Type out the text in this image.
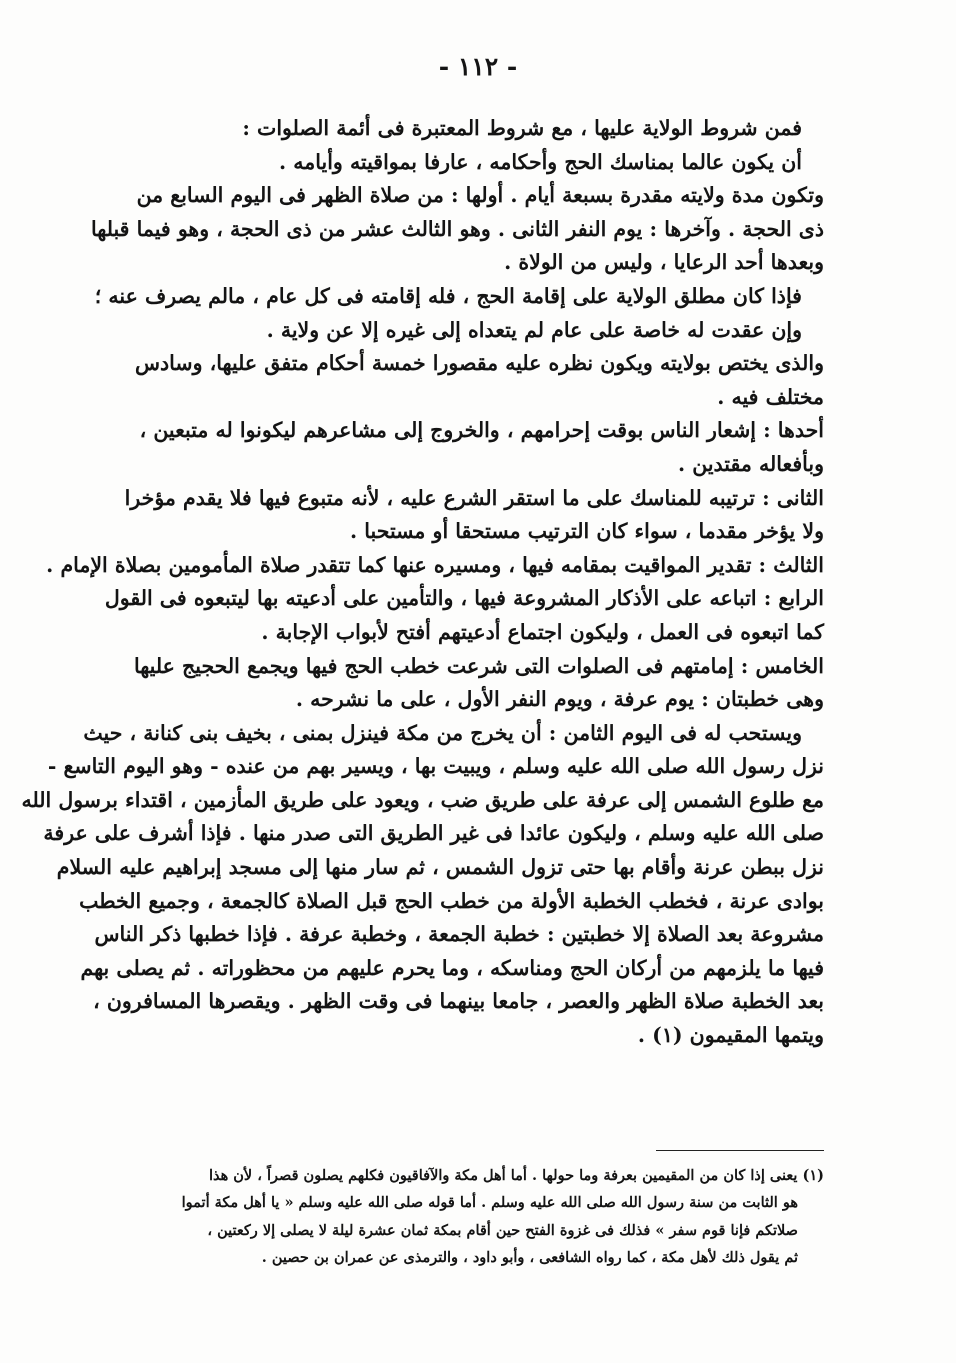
- ١١٢ -
فمن شروط الولاية عليها ، مع شروط المعتبرة فى أئمة الصلوات :
أن يكون عالما بمناسك الحج وأحكامه ، عارفا بمواقيته وأيامه .
وتكون مدة ولايته مقدرة بسبعة أيام . أولها : من صلاة الظهر فى اليوم السابع من
ذى الحجة . وآخرها : يوم النفر الثانى . وهو الثالث عشر من ذى الحجة ، وهو فيما قبلها
وبعدها أحد الرعايا ، وليس من الولاة .
فإذا كان مطلق الولاية على إقامة الحج ، فله إقامته فى كل عام ، مالم يصرف عنه ؛
وإن عقدت له خاصة على عام لم يتعداه إلى غيره إلا عن ولاية .
والذى يختص بولايته ويكون نظره عليه مقصورا خمسة أحكام متفق عليها، وسادس
مختلف فيه .
أحدها : إشعار الناس بوقت إحرامهم ، والخروج إلى مشاعرهم ليكونوا له متبعين ،
وبأفعاله مقتدين .
الثانى : ترتيبه للمناسك على ما استقر الشرع عليه ، لأنه متبوع فيها فلا يقدم مؤخرا
ولا يؤخر مقدما ، سواء كان الترتيب مستحقا أو مستحبا .
الثالث : تقدير المواقيت بمقامه فيها ، ومسيره عنها كما تتقدر صلاة المأمومين بصلاة الإمام .
الرابع : اتباعه على الأذكار المشروعة فيها ، والتأمين على أدعيته بها ليتبعوه فى القول
كما اتبعوه فى العمل ، وليكون اجتماع أدعيتهم أفتح لأبواب الإجابة .
الخامس : إمامتهم فى الصلوات التى شرعت خطب الحج فيها ويجمع الحجيج عليها
وهى خطبتان : يوم عرفة ، ويوم النفر الأول ، على ما نشرحه .
ويستحب له فى اليوم الثامن : أن يخرج من مكة فينزل بمنى ، بخيف بنى كنانة ، حيث
نزل رسول الله صلى الله عليه وسلم ، ويبيت بها ، ويسير بهم من عنده - وهو اليوم التاسع -
مع طلوع الشمس إلى عرفة على طريق ضب ، ويعود على طريق المأزمين ، اقتداء برسول الله
صلى الله عليه وسلم ، وليكون عائدا فى غير الطريق التى صدر منها . فإذا أشرف على عرفة
نزل ببطن عرنة وأقام بها حتى تزول الشمس ، ثم سار منها إلى مسجد إبراهيم عليه السلام
بوادى عرنة ، فخطب الخطبة الأولة من خطب الحج قبل الصلاة كالجمعة ، وجميع الخطب
مشروعة بعد الصلاة إلا خطبتين : خطبة الجمعة ، وخطبة عرفة . فإذا خطبها ذكر الناس
فيها ما يلزمهم من أركان الحج ومناسكه ، وما يحرم عليهم من محظوراته . ثم يصلى بهم
بعد الخطبة صلاة الظهر والعصر ، جامعا بينهما فى وقت الظهر . ويقصرها المسافرون ،
ويتمها المقيمون (١) .
(١) يعنى إذا كان من المقيمين بعرفة وما حولها . أما أهل مكة والآفاقيون فكلهم يصلون قصراً ، لأن هذا
هو الثابت من سنة رسول الله صلى الله عليه وسلم . أما قوله صلى الله عليه وسلم « يا أهل مكة أتموا
صلاتكم فإنا قوم سفر » فذلك فى غزوة الفتح حين أقام بمكة ثمان عشرة ليلة لا يصلى إلا ركعتين ،
ثم يقول ذلك لأهل مكة ، كما رواه الشافعى ، وأبو داود ، والترمذى عن عمران بن حصين .
